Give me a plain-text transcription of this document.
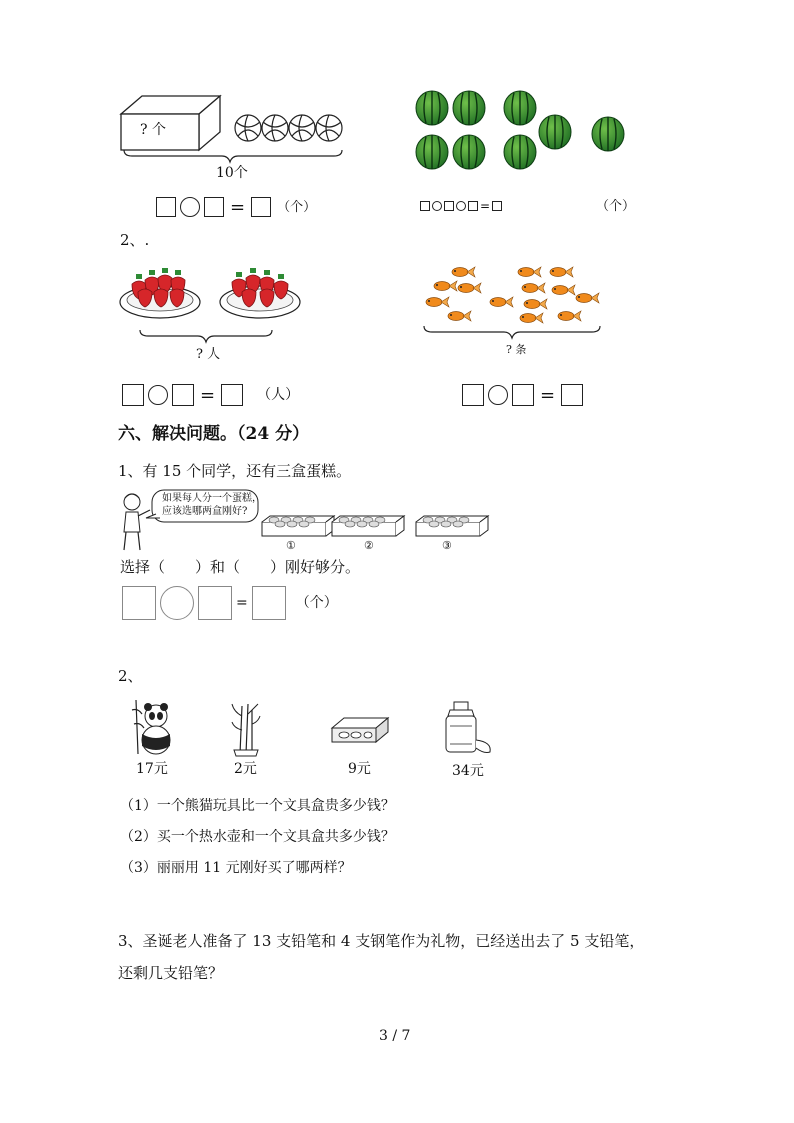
? 个
10个
= （个）	=	（个）
2、.
? 人
=	（人）
? 条
=
六、解决问题。（24 分）
1、有 15 个同学，还有三盒蛋糕。
如果每人分一个蛋糕，
应该选哪两盒刚好?
①	②	③
选择（　　）和（　　）刚好够分。
=	（个）
2、
17元	2元	9元	34元
（1）一个熊猫玩具比一个文具盒贵多少钱？
（2）买一个热水壶和一个文具盒共多少钱？
（3）丽丽用 11 元刚好买了哪两样？
3、圣诞老人准备了 13 支铅笔和 4 支钢笔作为礼物，已经送出去了 5 支铅笔，
还剩几支铅笔？
3 / 7
